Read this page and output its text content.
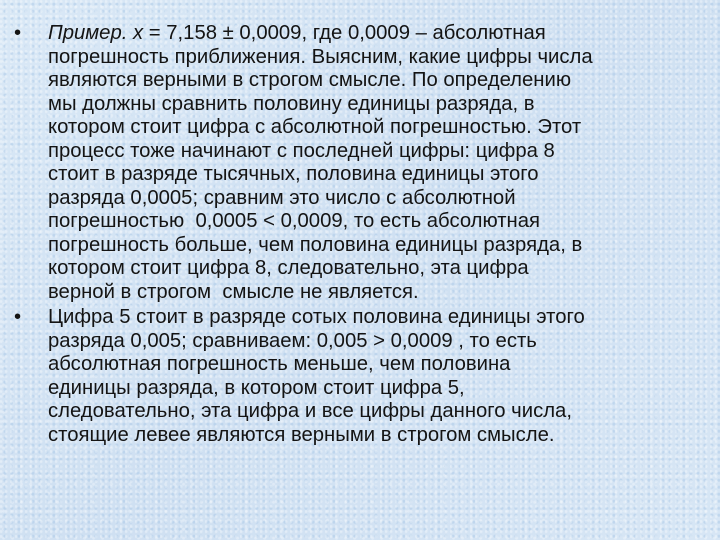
•	Пример. х = 7,158 ± 0,0009, где 0,0009 – абсолютная
погрешность приближения. Выясним, какие цифры числа
являются верными в строгом смысле. По определению
мы должны сравнить половину единицы разряда, в
котором стоит цифра с абсолютной погрешностью. Этот
процесс тоже начинают с последней цифры: цифра 8
стоит в разряде тысячных, половина единицы этого
разряда 0,0005; сравним это число с абсолютной
погрешностью  0,0005 < 0,0009, то есть абсолютная
погрешность больше, чем половина единицы разряда, в
котором стоит цифра 8, следовательно, эта цифра
верной в строгом  смысле не является.
•	Цифра 5 стоит в разряде сотых половина единицы этого
разряда 0,005; сравниваем: 0,005 > 0,0009 , то есть
абсолютная погрешность меньше, чем половина
единицы разряда, в котором стоит цифра 5,
следовательно, эта цифра и все цифры данного числа,
стоящие левее являются верными в строгом смысле.
